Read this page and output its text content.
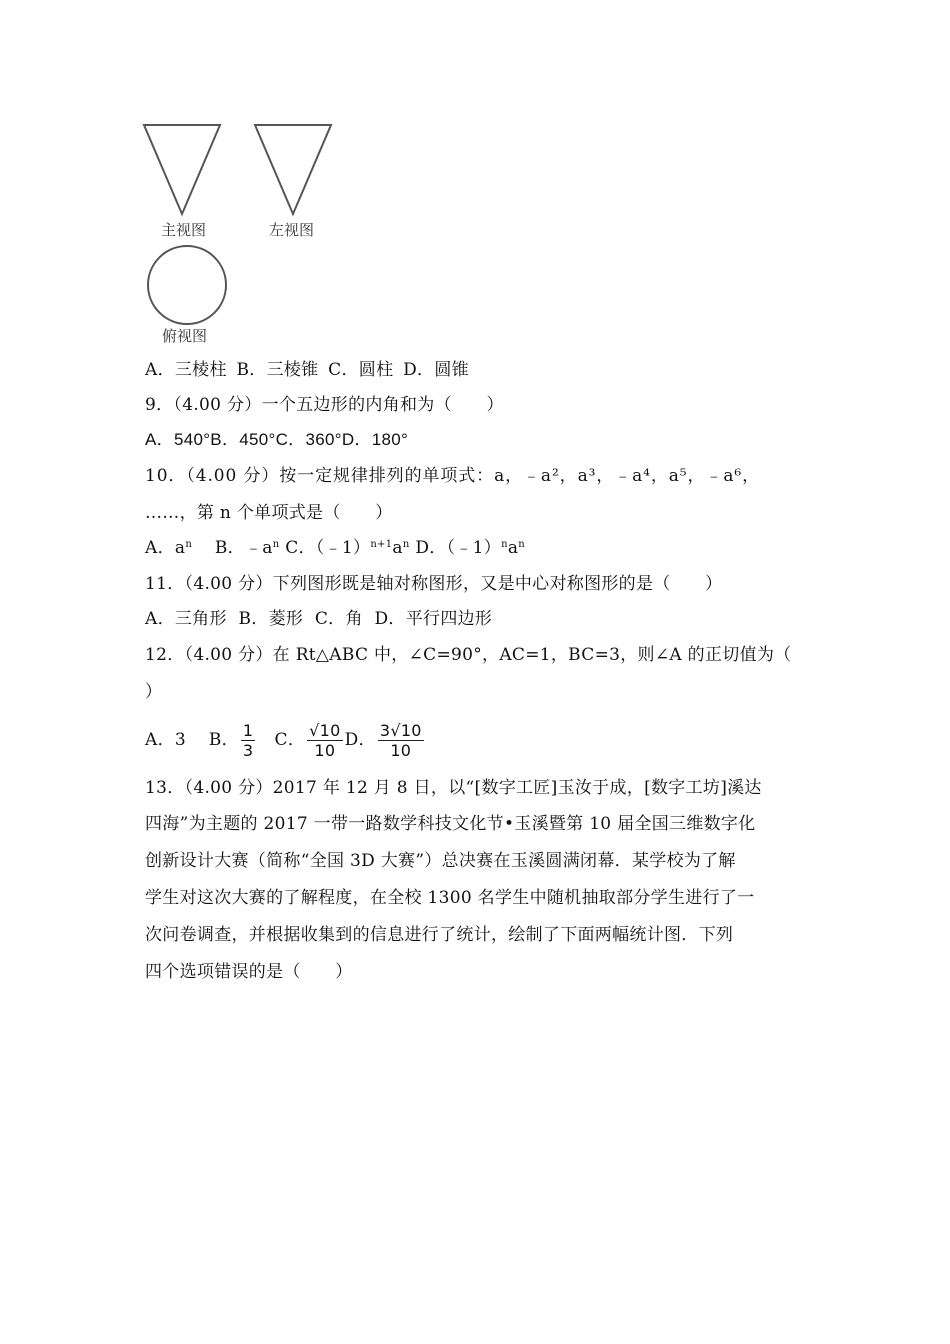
主视图	左视图
俯视图
A．三棱柱 B．三棱锥 C．圆柱 D．圆锥
9．（4.00 分）一个五边形的内角和为（　　）
A．540°B．450°C．360°D．180°
10．（4.00 分）按一定规律排列的单项式：a，﹣a²，a³，﹣a⁴，a⁵，﹣a⁶，
……，第 n 个单项式是（　　）
A．$a^n$ B．$﹣a^n$ C．$(﹣1)^{n+1}a^n$ D．$(﹣1)^na^n$
11．（4.00 分）下列图形既是轴对称图形，又是中心对称图形的是（　　）
A．三角形 B．菱形 C．角 D．平行四边形
12．（4.00 分）在 Rt△ABC 中，∠C=90°，AC=1，BC=3，则∠A 的正切值为（
）
A．3 B． $\frac{1}{3}$ C． $\frac{√10}{10}$ D． $\frac{3√10}{10}$
13．（4.00 分）2017 年 12 月 8 日，以“[数字工匠]玉汝于成，[数字工坊]溪达
四海”为主题的 2017 一带一路数学科技文化节•玉溪暨第 10 届全国三维数字化
创新设计大赛（简称“全国 3D 大赛”）总决赛在玉溪圆满闭幕．某学校为了解
学生对这次大赛的了解程度，在全校 1300 名学生中随机抽取部分学生进行了一
次问卷调查，并根据收集到的信息进行了统计，绘制了下面两幅统计图．下列
四个选项错误的是（　　）
